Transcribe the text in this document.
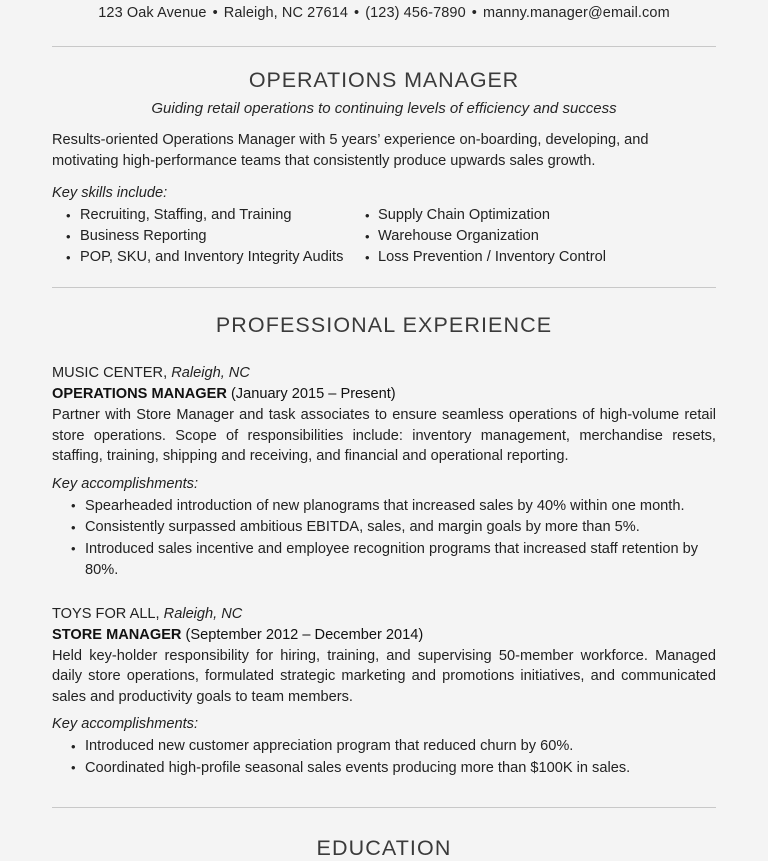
123 Oak Avenue • Raleigh, NC 27614 • (123) 456-7890 • manny.manager@email.com
OPERATIONS MANAGER
Guiding retail operations to continuing levels of efficiency and success
Results-oriented Operations Manager with 5 years’ experience on-boarding, developing, and motivating high-performance teams that consistently produce upwards sales growth.
Key skills include:
• Recruiting, Staffing, and Training
• Business Reporting
• POP, SKU, and Inventory Integrity Audits
• Supply Chain Optimization
• Warehouse Organization
• Loss Prevention / Inventory Control
PROFESSIONAL EXPERIENCE
MUSIC CENTER, Raleigh, NC
OPERATIONS MANAGER (January 2015 – Present)
Partner with Store Manager and task associates to ensure seamless operations of high-volume retail store operations. Scope of responsibilities include: inventory management, merchandise resets, staffing, training, shipping and receiving, and financial and operational reporting.
Key accomplishments:
• Spearheaded introduction of new planograms that increased sales by 40% within one month.
• Consistently surpassed ambitious EBITDA, sales, and margin goals by more than 5%.
• Introduced sales incentive and employee recognition programs that increased staff retention by 80%.
TOYS FOR ALL, Raleigh, NC
STORE MANAGER (September 2012 – December 2014)
Held key-holder responsibility for hiring, training, and supervising 50-member workforce. Managed daily store operations, formulated strategic marketing and promotions initiatives, and communicated sales and productivity goals to team members.
Key accomplishments:
• Introduced new customer appreciation program that reduced churn by 60%.
• Coordinated high-profile seasonal sales events producing more than $100K in sales.
EDUCATION
